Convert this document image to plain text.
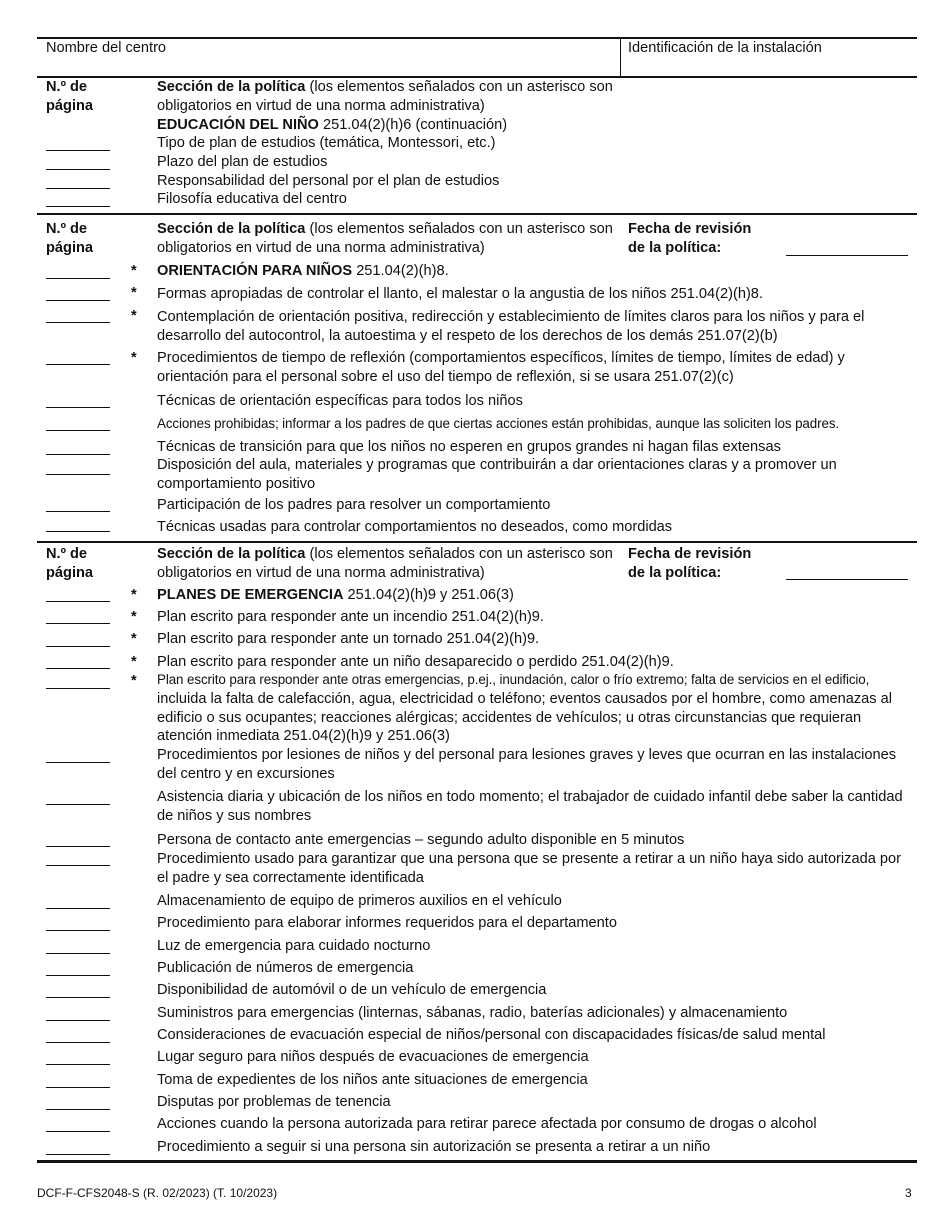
Nombre del centro	Identificación de la instalación
N.º de
página
Sección de la política (los elementos señalados con un asterisco son
obligatorios en virtud de una norma administrativa)
EDUCACIÓN DEL NIÑO 251.04(2)(h)6 (continuación)
Tipo de plan de estudios (temática, Montessori, etc.)
Plazo del plan de estudios
Responsabilidad del personal por el plan de estudios
Filosofía educativa del centro
N.º de
página
Sección de la política (los elementos señalados con un asterisco son
obligatorios en virtud de una norma administrativa)
Fecha de revisión
de la política:
* ORIENTACIÓN PARA NIÑOS 251.04(2)(h)8.
* Formas apropiadas de controlar el llanto, el malestar o la angustia de los niños 251.04(2)(h)8.
* Contemplación de orientación positiva, redirección y establecimiento de límites claros para los niños y para el desarrollo del autocontrol, la autoestima y el respeto de los derechos de los demás 251.07(2)(b)
* Procedimientos de tiempo de reflexión (comportamientos específicos, límites de tiempo, límites de edad) y orientación para el personal sobre el uso del tiempo de reflexión, si se usara 251.07(2)(c)
Técnicas de orientación específicas para todos los niños
Acciones prohibidas; informar a los padres de que ciertas acciones están prohibidas, aunque las soliciten los padres.
Técnicas de transición para que los niños no esperen en grupos grandes ni hagan filas extensas
Disposición del aula, materiales y programas que contribuirán a dar orientaciones claras y a promover un comportamiento positivo
Participación de los padres para resolver un comportamiento
Técnicas usadas para controlar comportamientos no deseados, como mordidas
N.º de
página
Sección de la política (los elementos señalados con un asterisco son
obligatorios en virtud de una norma administrativa)
Fecha de revisión
de la política:
* PLANES DE EMERGENCIA 251.04(2)(h)9 y 251.06(3)
* Plan escrito para responder ante un incendio 251.04(2)(h)9.
* Plan escrito para responder ante un tornado 251.04(2)(h)9.
* Plan escrito para responder ante un niño desaparecido o perdido 251.04(2)(h)9.
* Plan escrito para responder ante otras emergencias, p.ej., inundación, calor o frío extremo; falta de servicios en el edificio,
incluida la falta de calefacción, agua, electricidad o teléfono; eventos causados por el hombre, como amenazas al edificio o sus ocupantes; reacciones alérgicas; accidentes de vehículos; u otras circunstancias que requieran atención inmediata 251.04(2)(h)9 y 251.06(3)
Procedimientos por lesiones de niños y del personal para lesiones graves y leves que ocurran en las instalaciones del centro y en excursiones
Asistencia diaria y ubicación de los niños en todo momento; el trabajador de cuidado infantil debe saber la cantidad de niños y sus nombres
Persona de contacto ante emergencias – segundo adulto disponible en 5 minutos
Procedimiento usado para garantizar que una persona que se presente a retirar a un niño haya sido autorizada por el padre y sea correctamente identificada
Almacenamiento de equipo de primeros auxilios en el vehículo
Procedimiento para elaborar informes requeridos para el departamento
Luz de emergencia para cuidado nocturno
Publicación de números de emergencia
Disponibilidad de automóvil o de un vehículo de emergencia
Suministros para emergencias (linternas, sábanas, radio, baterías adicionales) y almacenamiento
Consideraciones de evacuación especial de niños/personal con discapacidades físicas/de salud mental
Lugar seguro para niños después de evacuaciones de emergencia
Toma de expedientes de los niños ante situaciones de emergencia
Disputas por problemas de tenencia
Acciones cuando la persona autorizada para retirar parece afectada por consumo de drogas o alcohol
Procedimiento a seguir si una persona sin autorización se presenta a retirar a un niño
DCF-F-CFS2048-S (R. 02/2023) (T. 10/2023)	3
